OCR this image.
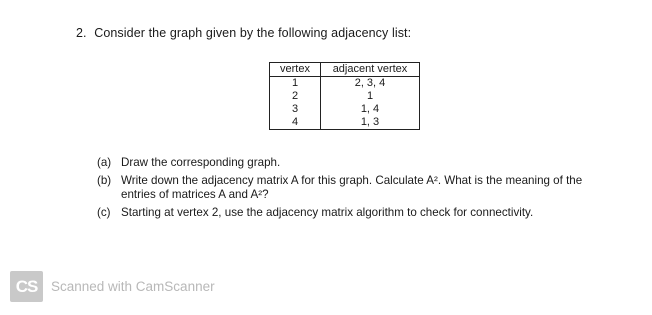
2. Consider the graph given by the following adjacency list:
vertex	adjacent vertex
1	2, 3, 4
2	1
3	1, 4
4	1, 3
(a) Draw the corresponding graph.
(b) Write down the adjacency matrix A for this graph. Calculate A². What is the meaning of the entries of matrices A and A²?
(c) Starting at vertex 2, use the adjacency matrix algorithm to check for connectivity.
CS	Scanned with CamScanner
